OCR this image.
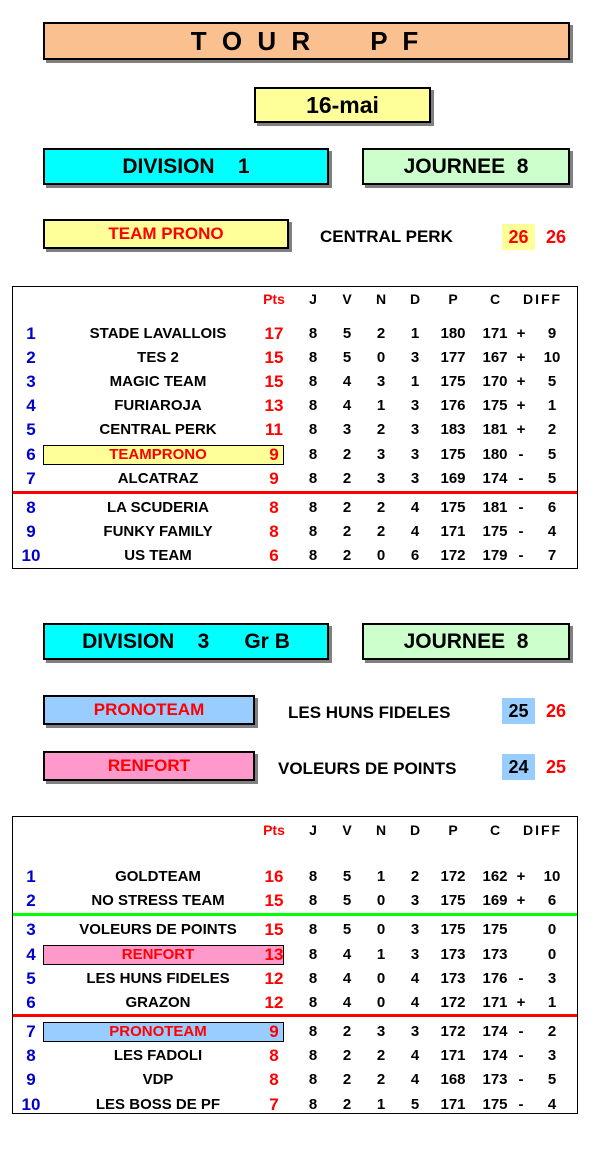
T O U R     P F
16-mai
DIVISION    1	JOURNEE  8
TEAM PRONO	CENTRAL PERK	26 26
Pts	J	V	N	D	P	C	DIFF
1	STADE LAVALLOIS	17	8	5	2	1	180	171 +	9
2	TES 2	15	8	5	0	3	177	167 + 10
3	MAGIC TEAM	15	8	4	3	1	175	170 +	5
4	FURIAROJA	13	8	4	1	3	176	175 +	1
5	CENTRAL PERK	11	8	3	2	3	183	181 +	2
6	TEAMPRONO	9	8	2	3	3	175	180 -	5
7	ALCATRAZ	9	8	2	3	3	169	174 -	5
8	LA SCUDERIA	8	8	2	2	4	175	181 -	6
9	FUNKY FAMILY	8	8	2	2	4	171	175 -	4
10	US TEAM	6	8	2	0	6	172	179 -	7
DIVISION    3      Gr B	JOURNEE  8
PRONOTEAM	LES HUNS FIDELES	25 26
RENFORT	VOLEURS DE POINTS	24 25
Pts	J	V	N	D	P	C	DIFF
1	GOLDTEAM	16	8	5	1	2	172	162 + 10
2	NO STRESS TEAM	15	8	5	0	3	175	169 +	6
3	VOLEURS DE POINTS	15	8	5	0	3	175	175	0
4	RENFORT	13	8	4	1	3	173	173	0
5	LES HUNS FIDELES	12	8	4	0	4	173	176 -	3
6	GRAZON	12	8	4	0	4	172	171 +	1
7	PRONOTEAM	9	8	2	3	3	172	174 -	2
8	LES FADOLI	8	8	2	2	4	171	174 -	3
9	VDP	8	8	2	2	4	168	173 -	5
10	LES BOSS DE PF	7	8	2	1	5	171	175 -	4
